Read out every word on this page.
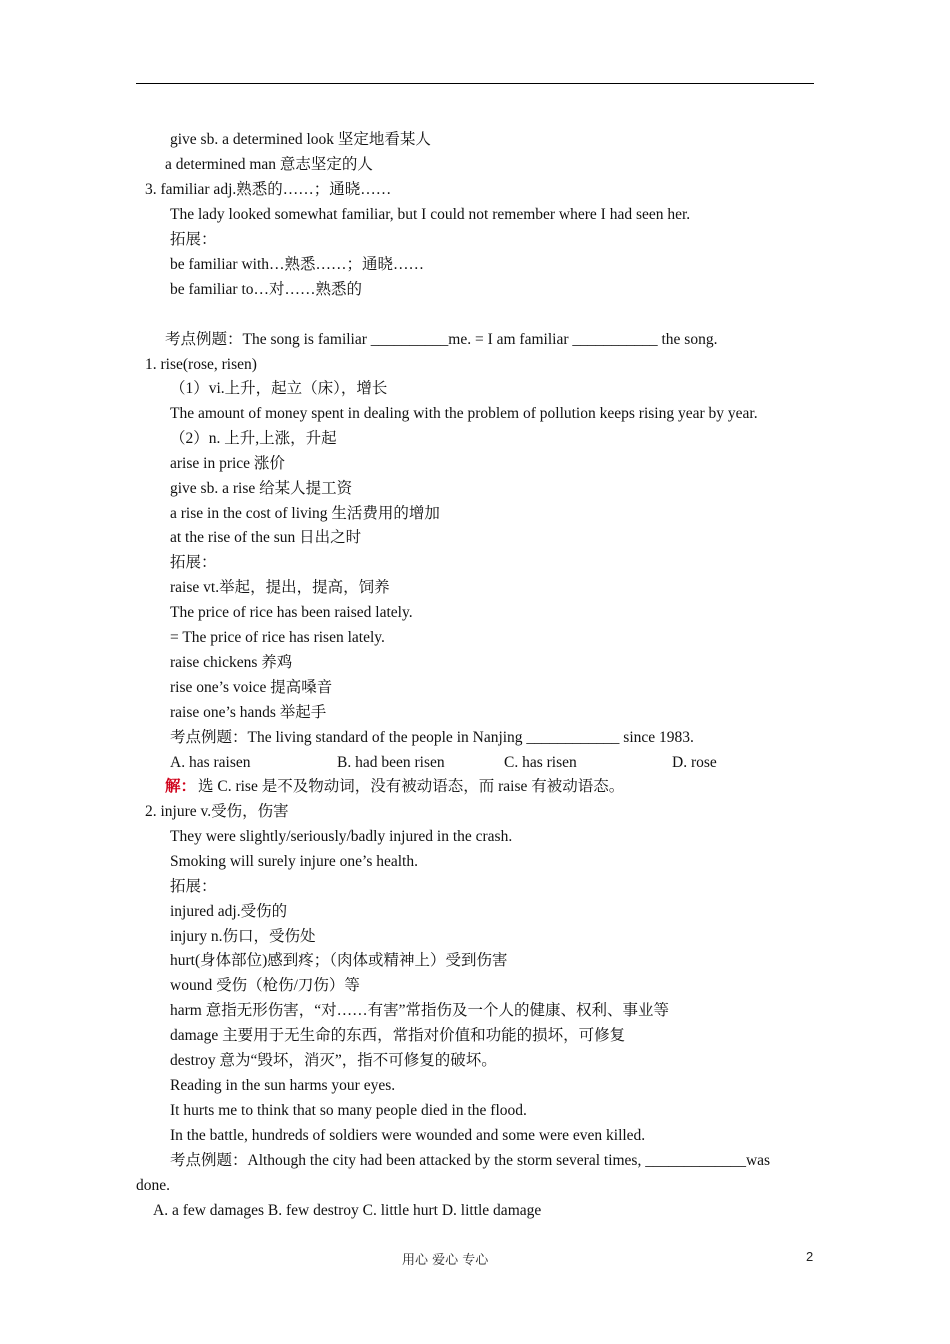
give sb. a determined look 坚定地看某人
a determined man 意志坚定的人
3. familiar adj.熟悉的……；通晓……
The lady looked somewhat familiar, but I could not remember where I had seen her.
拓展：
be familiar with…熟悉……；通晓……
be familiar to…对……熟悉的
考点例题：The song is familiar __________me. = I am familiar ___________ the song.
1. rise(rose, risen)
（1）vi.上升，起立（床），增长
The amount of money spent in dealing with the problem of pollution keeps rising year by year.
（2）n. 上升,上涨，升起
arise in price 涨价
give sb. a rise 给某人提工资
a rise in the cost of living 生活费用的增加
at the rise of the sun 日出之时
拓展：
raise vt.举起，提出，提高，饲养
The price of rice has been raised lately.
= The price of rice has risen lately.
raise chickens 养鸡
rise one’s voice 提高嗓音
raise one’s hands 举起手
考点例题：The living standard of the people in Nanjing ____________ since 1983.
A. has raisen	B. had been risen	C. has risen	D. rose
解： 选 C. rise 是不及物动词，没有被动语态，而 raise 有被动语态。
2. injure v.受伤，伤害
They were slightly/seriously/badly injured in the crash.
Smoking will surely injure one’s health.
拓展：
injured adj.受伤的
injury n.伤口，受伤处
hurt(身体部位)感到疼；（肉体或精神上）受到伤害
wound 受伤（枪伤/刀伤）等
harm 意指无形伤害，“对……有害”常指伤及一个人的健康、权利、事业等
damage 主要用于无生命的东西，常指对价值和功能的损坏，可修复
destroy 意为“毁坏，消灭”，指不可修复的破坏。
Reading in the sun harms your eyes.
It hurts me to think that so many people died in the flood.
In the battle, hundreds of soldiers were wounded and some were even killed.
考点例题：Although the city had been attacked by the storm several times, _____________was
done.
A. a few damages B. few destroy C. little hurt D. little damage
用心 爱心 专心	2
